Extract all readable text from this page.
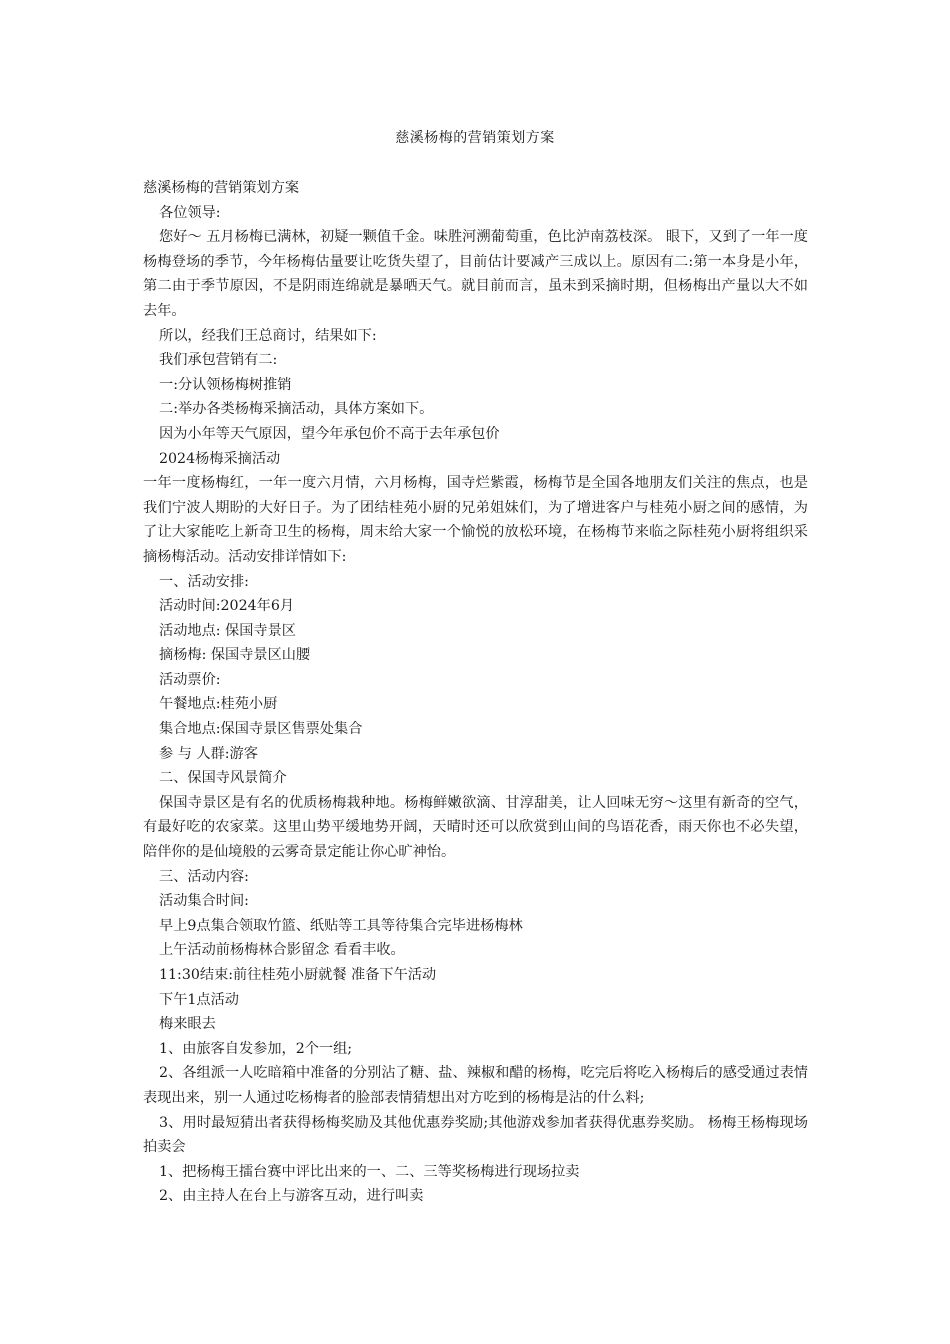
慈溪杨梅的营销策划方案

慈溪杨梅的营销策划方案

各位领导:

您好～ 五月杨梅已满林，初疑一颗值千金。味胜河溯葡萄重，色比泸南荔枝深。 眼下，又到了一年一度杨梅登场的季节，今年杨梅估量要让吃货失望了，目前估计要减产三成以上。原因有二:第一本身是小年，第二由于季节原因，不是阴雨连绵就是暴晒天气。就目前而言，虽未到采摘时期，但杨梅出产量以大不如去年。

所以，经我们王总商讨，结果如下:

我们承包营销有二:

一:分认领杨梅树推销

二:举办各类杨梅采摘活动，具体方案如下。

因为小年等天气原因，望今年承包价不高于去年承包价

2024杨梅采摘活动

一年一度杨梅红，一年一度六月情，六月杨梅，国寺烂紫霞，杨梅节是全国各地朋友们关注的焦点，也是我们宁波人期盼的大好日子。为了团结桂苑小厨的兄弟姐妹们，为了增进客户与桂苑小厨之间的感情，为了让大家能吃上新奇卫生的杨梅，周末给大家一个愉悦的放松环境，在杨梅节来临之际桂苑小厨将组织采摘杨梅活动。活动安排详情如下:

一、活动安排:

活动时间:2024年6月

活动地点: 保国寺景区

摘杨梅: 保国寺景区山腰

活动票价:

午餐地点:桂苑小厨

集合地点:保国寺景区售票处集合

参 与 人群:游客

二、保国寺风景简介

保国寺景区是有名的优质杨梅栽种地。杨梅鲜嫩欲滴、甘淳甜美，让人回味无穷～这里有新奇的空气，有最好吃的农家菜。这里山势平缓地势开阔，天晴时还可以欣赏到山间的鸟语花香，雨天你也不必失望，陪伴你的是仙境般的云雾奇景定能让你心旷神怡。

三、活动内容:

活动集合时间:

早上9点集合领取竹篮、纸贴等工具等待集合完毕进杨梅林

上午活动前杨梅林合影留念 看看丰收。

11:30结束:前往桂苑小厨就餐 准备下午活动

下午1点活动

梅来眼去

1、由旅客自发参加，2个一组;

2、各组派一人吃暗箱中准备的分别沾了糖、盐、辣椒和醋的杨梅，吃完后将吃入杨梅后的感受通过表情表现出来，别一人通过吃杨梅者的脸部表情猜想出对方吃到的杨梅是沾的什么料;

3、用时最短猜出者获得杨梅奖励及其他优惠券奖励;其他游戏参加者获得优惠券奖励。 杨梅王杨梅现场拍卖会

1、把杨梅王擂台赛中评比出来的一、二、三等奖杨梅进行现场拉卖

2、由主持人在台上与游客互动，进行叫卖
